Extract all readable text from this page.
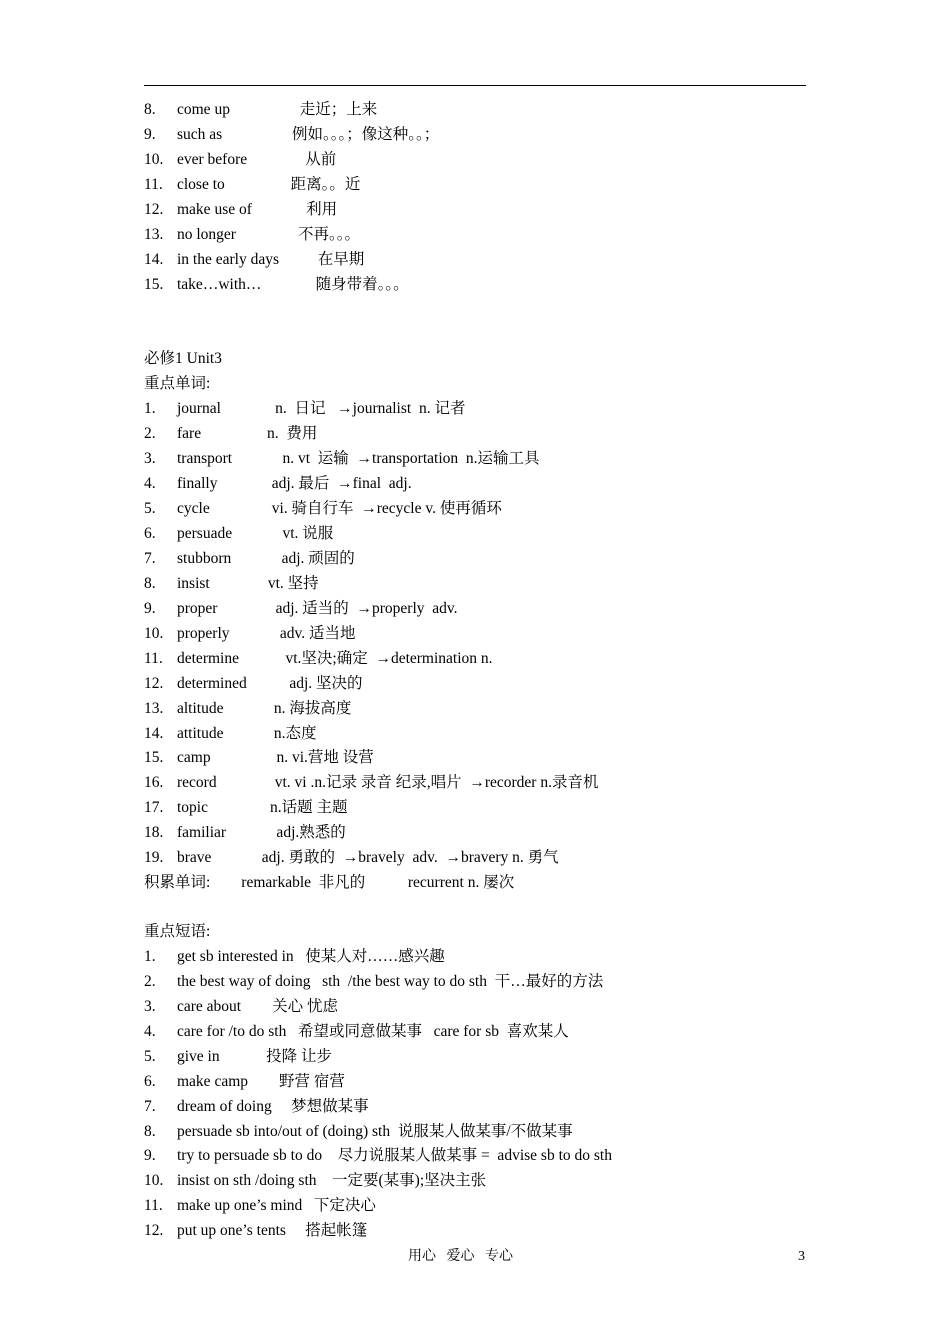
8. come up                  走近；上来
9. such as                  例如。。。；像这种。。；
10. ever before               从前
11. close to                 距离。。近
12. make use of              利用
13. no longer                不再。。。
14. in the early days          在早期
15. take…with…              随身带着。。。
必修1 Unit3
重点单词:
1. journal              n.  日记   →journalist  n. 记者
2. fare                 n.  费用
3. transport             n. vt  运输  →transportation  n.运输工具
4. finally              adj. 最后  →final  adj.
5. cycle                vi. 骑自行车  →recycle v. 使再循环
6. persuade             vt. 说服
7. stubborn             adj. 顽固的
8. insist               vt. 坚持
9. proper               adj. 适当的  →properly  adv.
10. properly             adv. 适当地
11. determine            vt.坚决;确定  →determination n.
12. determined           adj. 坚决的
13. altitude             n. 海拔高度
14. attitude             n.态度
15. camp                 n. vi.营地 设营
16. record               vt. vi .n.记录 录音 纪录,唱片  →recorder n.录音机
17. topic                n.话题 主题
18. familiar             adj.熟悉的
19. brave             adj. 勇敢的  →bravely  adv.  →bravery n. 勇气
积累单词:        remarkable  非凡的           recurrent n. 屡次
重点短语:
1. get sb interested in   使某人对……感兴趣
2. the best way of doing   sth  /the best way to do sth  干…最好的方法
3. care about        关心 忧虑
4. care for /to do sth   希望或同意做某事   care for sb  喜欢某人
5. give in            投降 让步
6. make camp        野营 宿营
7. dream of doing     梦想做某事
8. persuade sb into/out of (doing) sth  说服某人做某事/不做某事
9. try to persuade sb to do    尽力说服某人做某事 =  advise sb to do sth
10. insist on sth /doing sth    一定要(某事);坚决主张
11. make up one’s mind   下定决心
12. put up one’s tents     搭起帐篷
用心   爱心   专心	3
